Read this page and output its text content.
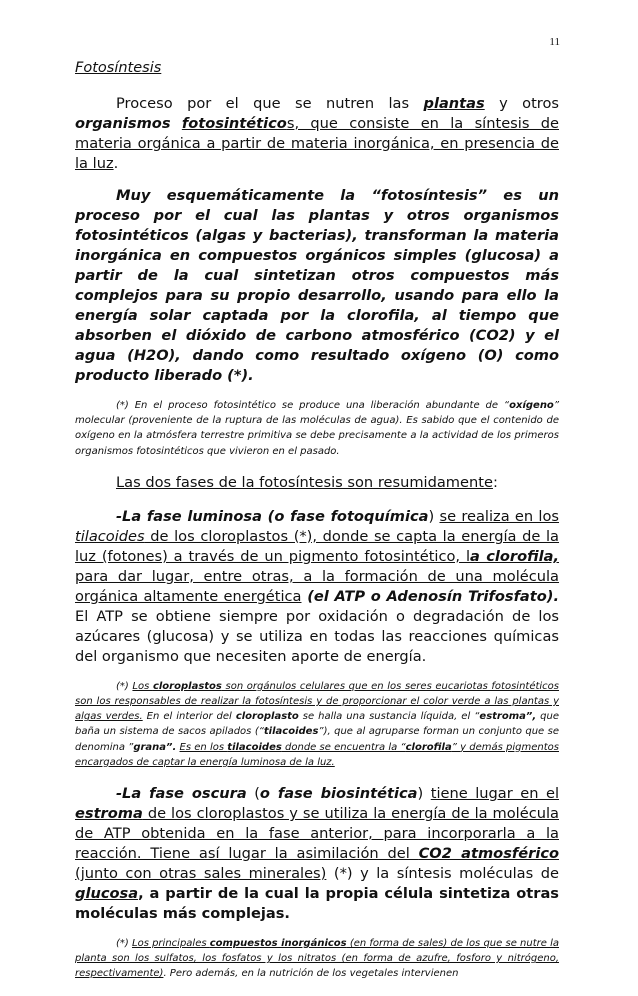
11

Fotosíntesis

Proceso por el que se nutren las plantas y otros organismos fotosintéticos, que consiste en la síntesis de materia orgánica a partir de materia inorgánica, en presencia de la luz.

Muy esquemáticamente la “fotosíntesis” es un proceso por el cual las plantas y otros organismos fotosintéticos (algas y bacterias), transforman la materia inorgánica en compuestos orgánicos simples (glucosa) a partir de la cual sintetizan otros compuestos más complejos para su propio desarrollo, usando para ello la energía solar captada por la clorofila, al tiempo que absorben el dióxido de carbono atmosférico (CO2) y el agua (H2O), dando como resultado oxígeno (O) como producto liberado (*).

(*) En el proceso fotosintético se produce una liberación abundante de “oxígeno” molecular (proveniente de la ruptura de las moléculas de agua). Es sabido que el contenido de oxígeno en la atmósfera terrestre primitiva se debe precisamente a la actividad de los primeros organismos fotosintéticos que vivieron en el pasado.

Las dos fases de la fotosíntesis son resumidamente:

-La fase luminosa (o fase fotoquímica) se realiza en los tilacoides de los cloroplastos (*), donde se capta la energía de la luz (fotones) a través de un pigmento fotosintético, la clorofila, para dar lugar, entre otras, a la formación de una molécula orgánica altamente energética (el ATP o Adenosín Trifosfato). El ATP se obtiene siempre por oxidación o degradación de los azúcares (glucosa) y se utiliza en todas las reacciones químicas del organismo que necesiten aporte de energía.

(*) Los cloroplastos son orgánulos celulares que en los seres eucariotas fotosintéticos son los responsables de realizar la fotosíntesis y de proporcionar el color verde a las plantas y algas verdes. En el interior del cloroplasto se halla una sustancia líquida, el “estroma”, que baña un sistema de sacos apilados (“tilacoides”), que al agruparse forman un conjunto que se denomina ”grana”. Es en los tilacoides donde se encuentra la “clorofila” y demás pigmentos encargados de captar la energía luminosa de la luz.

-La fase oscura (o fase biosintética) tiene lugar en el estroma de los cloroplastos y se utiliza la energía de la molécula de ATP obtenida en la fase anterior, para incorporarla a la reacción. Tiene así lugar la asimilación del CO2 atmosférico (junto con otras sales minerales) (*) y la síntesis moléculas de glucosa, a partir de la cual la propia célula sintetiza otras moléculas más complejas.

(*) Los principales compuestos inorgánicos (en forma de sales) de los que se nutre la planta son los sulfatos, los fosfatos y los nitratos (en forma de azufre, fosforo y nitrógeno, respectivamente). Pero además, en la nutrición de los vegetales intervienen
